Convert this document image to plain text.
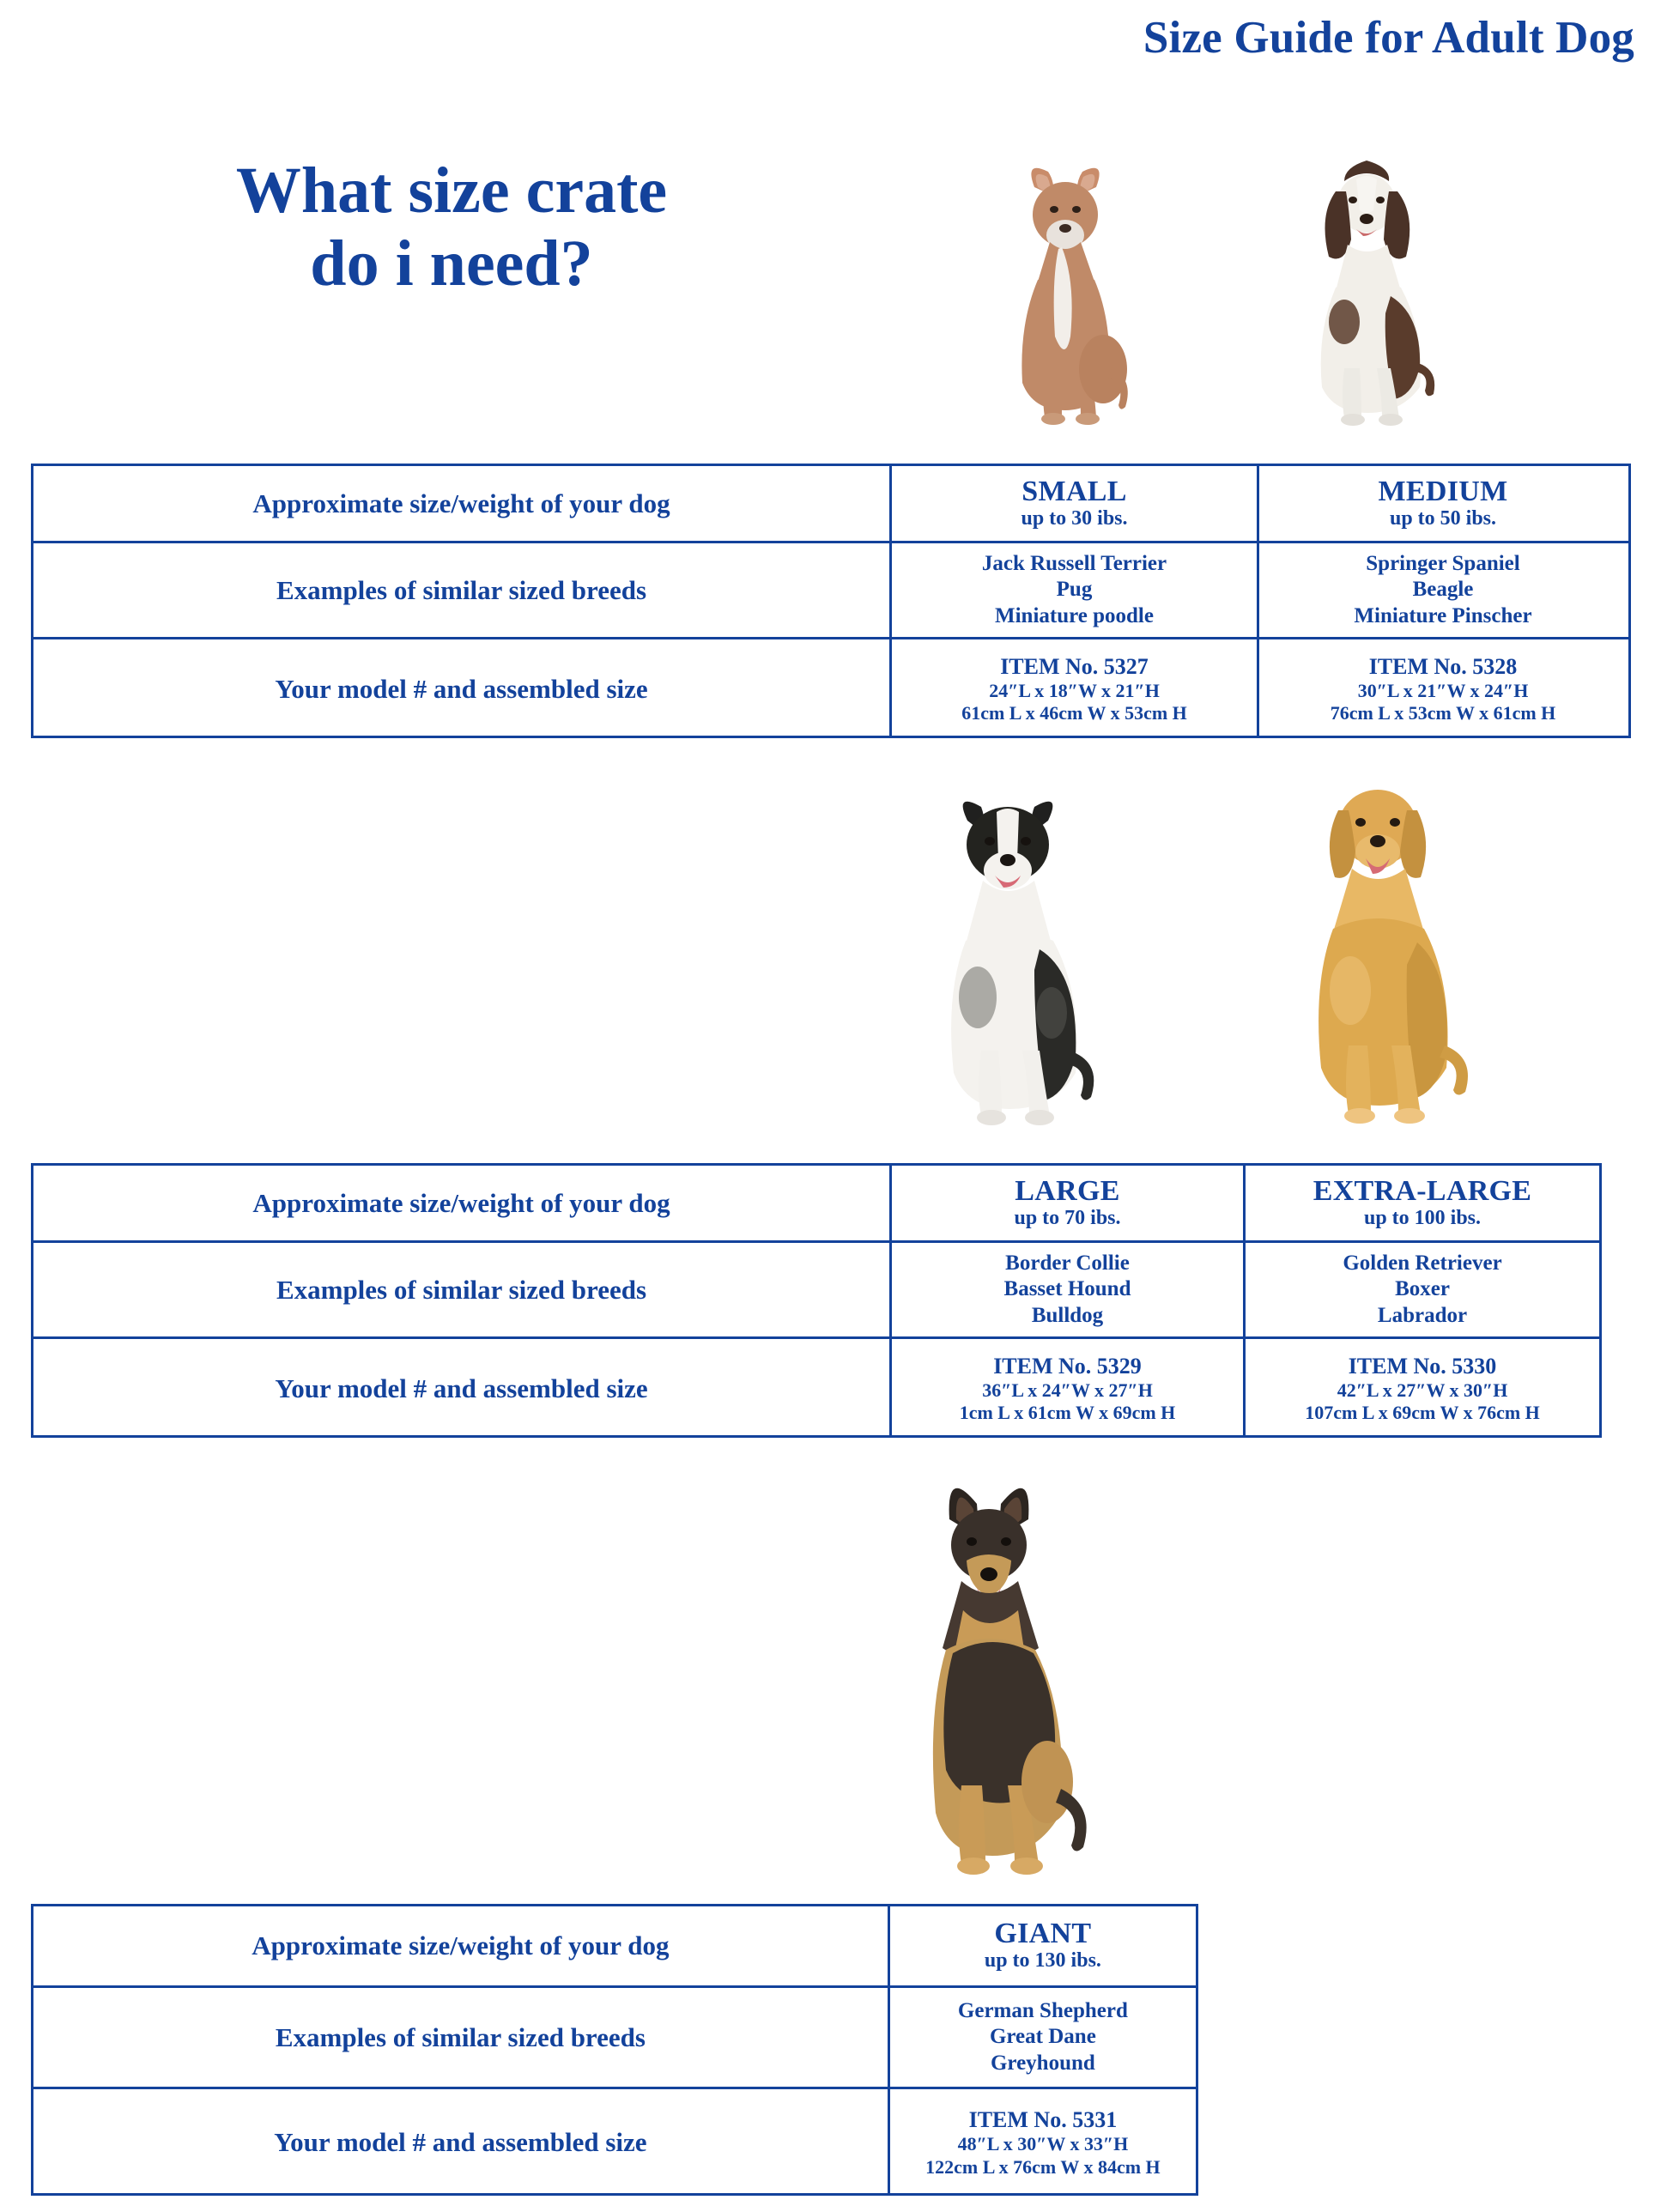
Size Guide for Adult Dog
What size crate
do i need?
Approximate size/weight of your dog	SMALL
up to 30 ibs.
MEDIUM
up to 50 ibs.
Examples of similar sized breeds
Jack Russell Terrier
Pug
Miniature poodle
Springer Spaniel
Beagle
Miniature Pinscher
Your model # and assembled size
ITEM No. 5327
24″L x 18″W x 21″H
61cm L x 46cm W x 53cm H
ITEM No. 5328
30″L x 21″W x 24″H
76cm L x 53cm W x 61cm H
Approximate size/weight of your dog	LARGE
up to 70 ibs.
EXTRA-LARGE
up to 100 ibs.
Examples of similar sized breeds
Border Collie
Basset Hound
Bulldog
Golden Retriever
Boxer
Labrador
Your model # and assembled size
ITEM No. 5329
36″L x 24″W x 27″H
1cm L x 61cm W x 69cm H
ITEM No. 5330
42″L x 27″W x 30″H
107cm L x 69cm W x 76cm H
Approximate size/weight of your dog	GIANT
up to 130 ibs.
Examples of similar sized breeds
German Shepherd
Great Dane
Greyhound
Your model # and assembled size
ITEM No. 5331
48″L x 30″W x 33″H
122cm L x 76cm W x 84cm H
